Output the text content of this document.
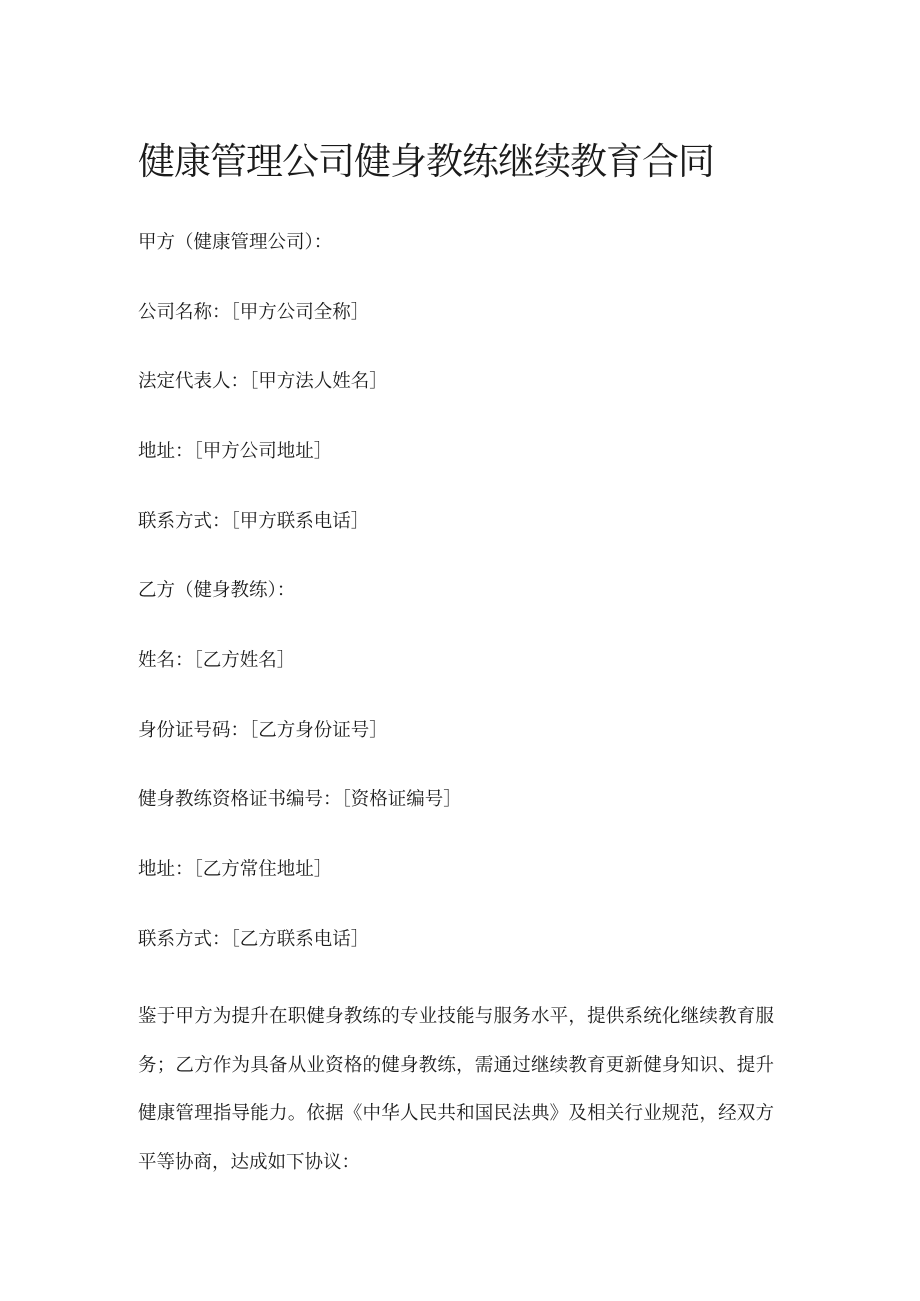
健康管理公司健身教练继续教育合同

甲方（健康管理公司）：

公司名称：［甲方公司全称］

法定代表人：［甲方法人姓名］

地址：［甲方公司地址］

联系方式：［甲方联系电话］

乙方（健身教练）：

姓名：［乙方姓名］

身份证号码：［乙方身份证号］

健身教练资格证书编号：［资格证编号］

地址：［乙方常住地址］

联系方式：［乙方联系电话］

鉴于甲方为提升在职健身教练的专业技能与服务水平，提供系统化继续教育服务；乙方作为具备从业资格的健身教练，需通过继续教育更新健身知识、提升健康管理指导能力。依据《中华人民共和国民法典》及相关行业规范，经双方平等协商，达成如下协议：
